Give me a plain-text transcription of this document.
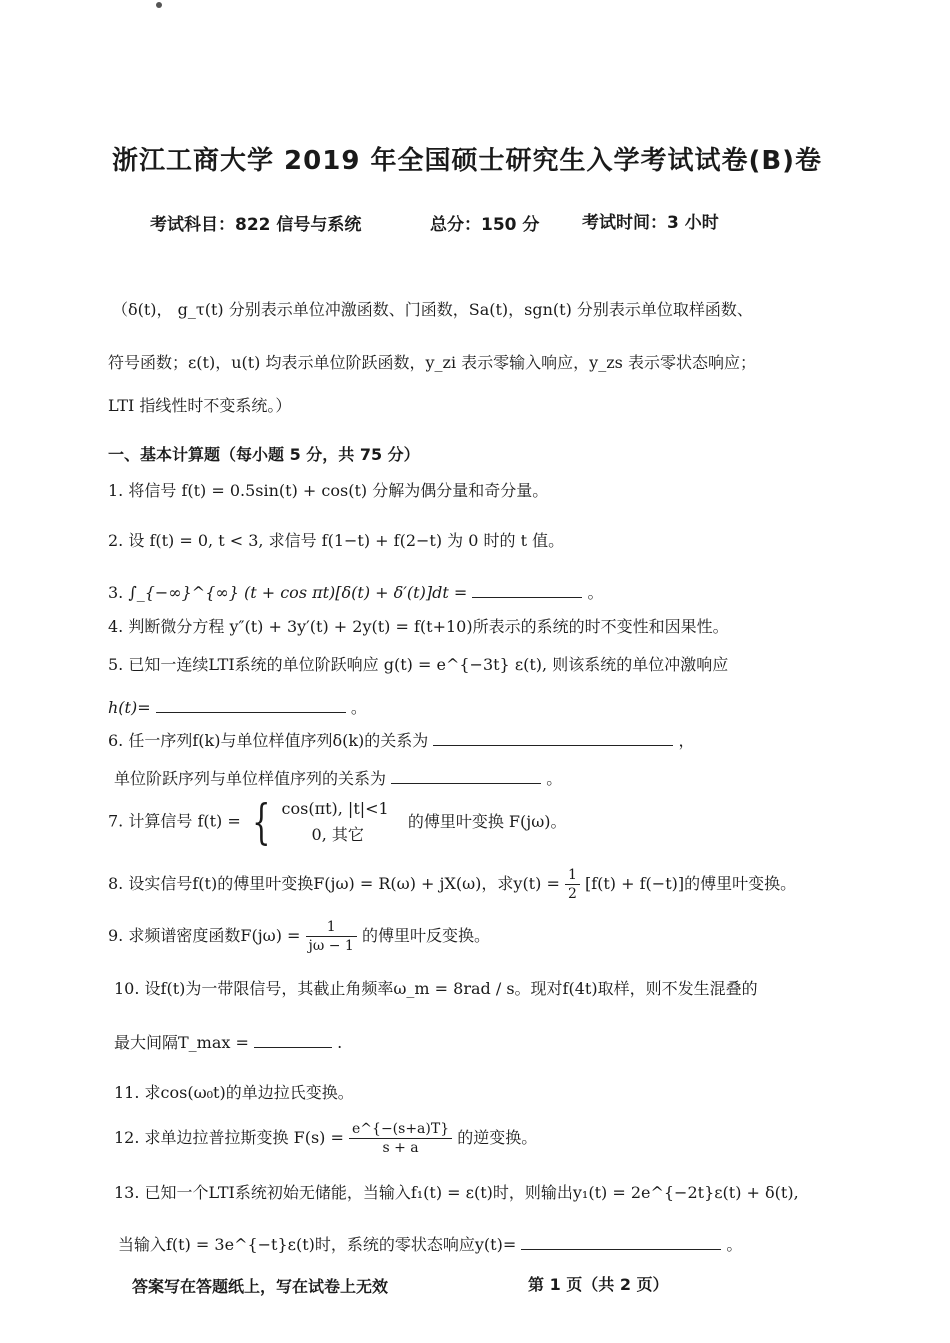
浙江工商大学 2019 年全国硕士研究生入学考试试卷(B)卷
考试科目：822 信号与系统	总分：150 分	考试时间：3 小时
（δ(t)， g_τ(t) 分别表示单位冲激函数、门函数，Sa(t)，sgn(t) 分别表示单位取样函数、
符号函数；ε(t)，u(t) 均表示单位阶跃函数，y_zi 表示零输入响应，y_zs 表示零状态响应；
LTI 指线性时不变系统。）
一、基本计算题（每小题 5 分，共 75 分）
1. 将信号 f(t) = 0.5sin(t) + cos(t) 分解为偶分量和奇分量。
2. 设 f(t) = 0, t < 3, 求信号 f(1−t) + f(2−t) 为 0 时的 t 值。
3. ∫_{−∞}^{∞} (t + cos πt)[δ(t) + δ′(t)]dt =	。
4. 判断微分方程 y″(t) + 3y′(t) + 2y(t) = f(t+10)所表示的系统的时不变性和因果性。
5. 已知一连续LTI系统的单位阶跃响应 g(t) = e^{−3t} ε(t), 则该系统的单位冲激响应
h(t)=	。
6. 任一序列f(k)与单位样值序列δ(k)的关系为	，
单位阶跃序列与单位样值序列的关系为	。
7. 计算信号 f(t) = { cos(πt), |t|<1
0, 其它
的傅里叶变换 F(jω)。
8. 设实信号f(t)的傅里叶变换F(jω) = R(ω) + jX(ω)，求$y(t) = \frac{1}{2} [f(t) + f(-t)]$的傅里叶变换。
9. 求频谱密度函数$F(j\omega) = \frac{1}{j\omega - 1}$ 的傅里叶反变换。
10. 设f(t)为一带限信号，其截止角频率ω_m = 8rad / s。现对f(4t)取样，则不发生混叠的
最大间隔T_max =	.
11. 求cos(ω₀t)的单边拉氏变换。
12. 求单边拉普拉斯变换 $F(s) = \frac{e\^{}\{-(s+a)T\}}{s + a}$ 的逆变换。
13. 已知一个LTI系统初始无储能，当输入f₁(t) = ε(t)时，则输出y₁(t) = 2e^{−2t}ε(t) + δ(t),
当输入f(t) = 3e^{−t}ε(t)时，系统的零状态响应y(t)=	。
答案写在答题纸上，写在试卷上无效	第 1 页（共 2 页）
